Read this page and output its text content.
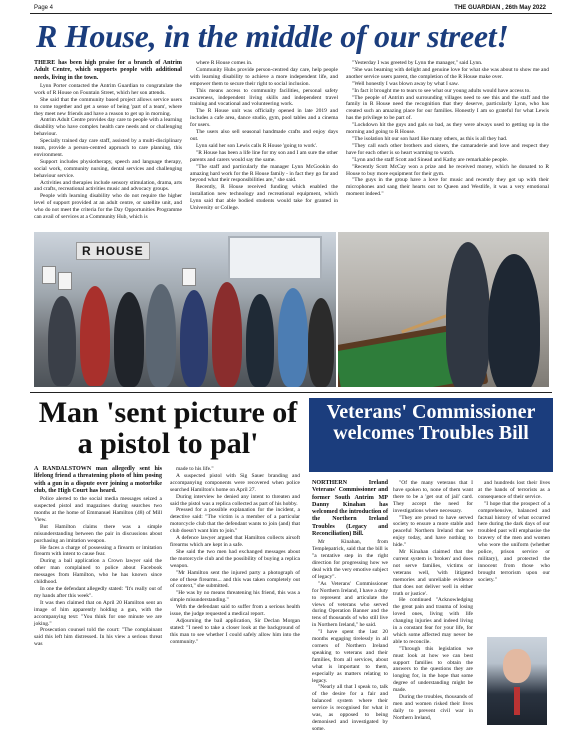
Page 4	THE GUARDIAN , 26th May 2022
R House, in the middle of our street!

THERE has been high praise for a branch of Antrim Adult Centre, which supports people with additional needs, living in the town.

Lynn Porter contacted the Antrim Guardian to congratulate the work of R House on Fountain Street, which her son attends.

She said that the community based project allows service users to come together and get a sense of being 'part of a team', where they meet new friends and have a reason to get up in morning.

Antrim Adult Centre provides day care to people with a learning disability who have complex health care needs and or challenging behaviour.

Specially trained day care staff, assisted by a multi-disciplinary team, provide a person-centred approach to care planning, this environment.

Support includes physiotherapy, speech and language therapy, social work, community nursing, dental services and challenging behaviour service.

Activities and therapies include sensory stimulation, drama, arts and crafts, recreational activities music and advocacy groups.

People with learning disability who do not require the higher level of support provided at an adult centre, or satellite unit, and who do not meet the criteria for the Day Opportunities Programme can avail of services at a Community Hub, which is

where R House comes in.

Community Hubs provide person-centred day care, help people with learning disability to achieve a more independent life, and empower them to secure their right to social inclusion.

This means access to community facilities, personal safety awareness, independent living skills and independent travel training and vocational and volunteering work.

The R House unit was officially opened in late 2019 and includes a cafe area, dance studio, gym, pool tables and a cinema for users.

The users also sell seasonal handmade crafts and enjoy days out.

Lynn said her son Lewis calls R House 'going to work'.

"R House has been a life line for my son and I am sure the other parents and carers would say the same.

"The staff and particularly the manager Lynn McGookin do amazing hard work for the R House family - in fact they go far and beyond what their responsibilities are," she said.

Recently, R House received funding which enabled the installation new technology and recreational equipment, which Lynn said that able bodied students would take for granted in University or College.

"Yesterday I was greeted by Lynn the manager," said Lynn.

"She was beaming with delight and genuine love for what she was about to show me and another service users parent, the completion of the R House make over.

"Well honestly I was blown away by what I saw.

"In fact it brought me to tears to see what our young adults would have access to.

"The people of Antrim and surrounding villages need to see this and the staff and the family in R House need the recognition that they deserve, particularly Lynn, who has created such an amazing place for our families. Honestly I am so grateful for what Lewis has the privilege to be part of.

"Lockdown hit the guys and gals so bad, as they were always used to getting up in the morning and going to R House.

"The isolation hit our son hard like many others, as this is all they had.

"They call each other brothers and sisters, the camaraderie and love and respect they have for each other is so heart warming to watch.

"Lynn and the staff Scott and Sinead and Kathy are remarkable people.

"Recently Scott McCay won a prize and he received money, which he donated to R House to buy more equipment for their gym.

"The guys in the group have a love for music and recently they got up with their microphones and sang their hearts out to Queen and Westlife, it was a very emotional moment indeed."

R HOUSE
Man 'sent picture of a pistol to pal'

A RANDALSTOWN man allegedly sent his lifelong friend a threatening photo of him posing with a gun in a dispute over joining a motorbike club, the High Court has heard.

Police alerted to the social media messages seized a suspected pistol and magazines during searches two months at the home of Emmanuel Hamilton (48) of Mill View.

But Hamilton claims there was a simple misunderstanding between the pair in discussions about purchasing an imitation weapon.

He faces a charge of possessing a firearm or imitation firearm with intent to cause fear.

During a bail application a Crown lawyer said the other man complained to police about Facebook messages from Hamilton, who he has known since childhood.

In one the defendant allegedly stated: "It's really out of my hands after this week".

It was then claimed that on April 20 Hamilton sent an image of him apparently holding a gun, with the accompanying text: "You think for one minute we are joking."

Prosecution counsel told the court: "The complainant said this left him distressed. In his view a serious threat was

made to his life."

A suspected pistol with Sig Sauer branding and accompanying components were recovered when police searched Hamilton's home on April 27.

During interview he denied any intent to threaten and said the pistol was a replica collected as part of his hobby.

Pressed for a possible explanation for the incident, a detective said: "The victim is a member of a particular motorcycle club that the defendant wants to join (and) that club doesn't want him to join."

A defence lawyer argued that Hamilton collects airsoft firearms which are kept in a safe.

She said the two men had exchanged messages about the motorcycle club and the possibility of buying a replica weapon.

"Mr Hamilton sent the injured party a photograph of one of these firearms... and this was taken completely out of context," she submitted.

"He was by no means threatening his friend, this was a simple misunderstanding."

With the defendant said to suffer from a serious health issue, the judge requested a medical report.

Adjourning the bail application, Sir Declan Morgan stated: "I need to take a closer look at the background of this man to see whether I could safely allow him into the community."

Veterans' Commissioner welcomes Troubles Bill

NORTHERN Ireland Veterans' Commissioner and former South Antrim MP Danny Kinahan has welcomed the introduction of the Northern Ireland Troubles (Legacy and Reconciliation) Bill.

Mr Kinahan, from Templepatrick, said that the bill is "a tentative step in the right direction for progressing how we deal with the very emotive subject of legacy".

"As Veterans' Commissioner for Northern Ireland, I have a duty to represent and articulate the views of veterans who served during Operation Banner and the tens of thousands of who still live in Northern Ireland," he said.

"I have spent the last 20 months engaging tirelessly in all corners of Northern Ireland speaking to veterans and their families, from all services, about what is important to them, especially as matters relating to legacy.

"Nearly all that I speak to, talk of the desire for a fair and balanced system where their service is recognised for what it was, as opposed to being demonised and investigated by some.

"Of the many veterans that I have spoken to, none of them want there to be a 'get out of jail' card. They accept the need for investigations where necessary.

"They are proud to have served society to ensure a more stable and peaceful Northern Ireland that we enjoy today, and have nothing to hide."

Mr Kinahan claimed that the current system is 'broken' and does not serve families, victims or veterans well, 'with litigated memories and unreliable evidence that does not deliver well in either truth or justice'.

He continued "Acknowledging the great pain and trauma of losing loved ones, living with life changing injuries and indeed living in a constant fear for your life, for which some affected may never be able to reconcile.

"Through this legislation we must look at how we can best support families to obtain the answers to the questions they are longing for, in the hope that some degree of understanding might be made.

During the troubles, thousands of men and women risked their lives daily to prevent civil war in Northern Ireland,

and hundreds lost their lives at the hands of terrorists as a consequence of their service.

"I hope that the prospect of a comprehensive, balanced and factual history of what occurred here during the dark days of our troubled past will emphasise the bravery of the men and women who wore the uniform (whether police, prison service or military), and protected the innocent from those who brought terrorism upon our society."
